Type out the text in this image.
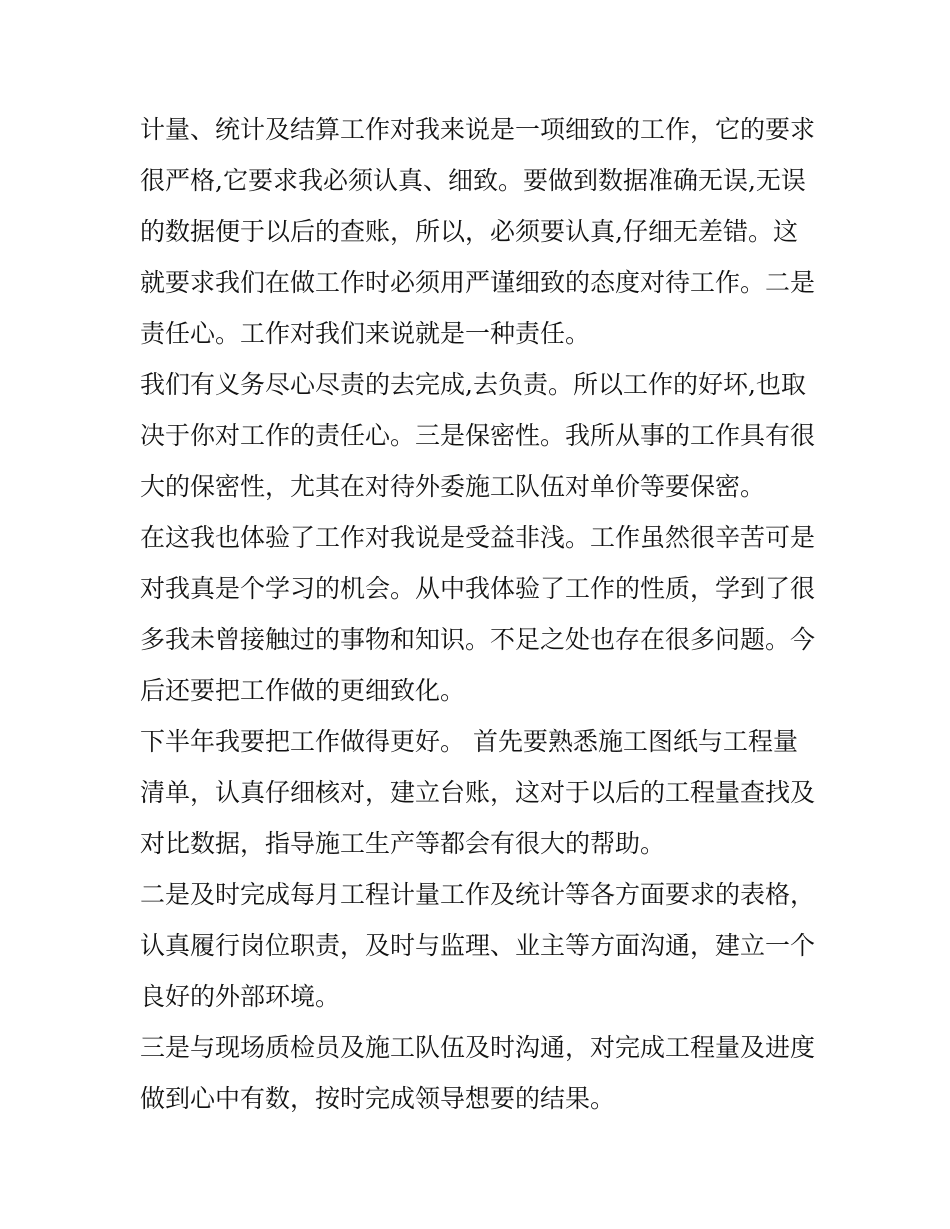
计量、统计及结算工作对我来说是一项细致的工作，它的要求
很严格,它要求我必须认真、细致。要做到数据准确无误,无误
的数据便于以后的查账，所以，必须要认真,仔细无差错。这
就要求我们在做工作时必须用严谨细致的态度对待工作。二是
责任心。工作对我们来说就是一种责任。
我们有义务尽心尽责的去完成,去负责。所以工作的好坏,也取
决于你对工作的责任心。三是保密性。我所从事的工作具有很
大的保密性，尤其在对待外委施工队伍对单价等要保密。
在这我也体验了工作对我说是受益非浅。工作虽然很辛苦可是
对我真是个学习的机会。从中我体验了工作的性质，学到了很
多我未曾接触过的事物和知识。不足之处也存在很多问题。今
后还要把工作做的更细致化。
下半年我要把工作做得更好。 首先要熟悉施工图纸与工程量
清单，认真仔细核对，建立台账，这对于以后的工程量查找及
对比数据，指导施工生产等都会有很大的帮助。
二是及时完成每月工程计量工作及统计等各方面要求的表格，
认真履行岗位职责，及时与监理、业主等方面沟通，建立一个
良好的外部环境。
三是与现场质检员及施工队伍及时沟通，对完成工程量及进度
做到心中有数，按时完成领导想要的结果。
